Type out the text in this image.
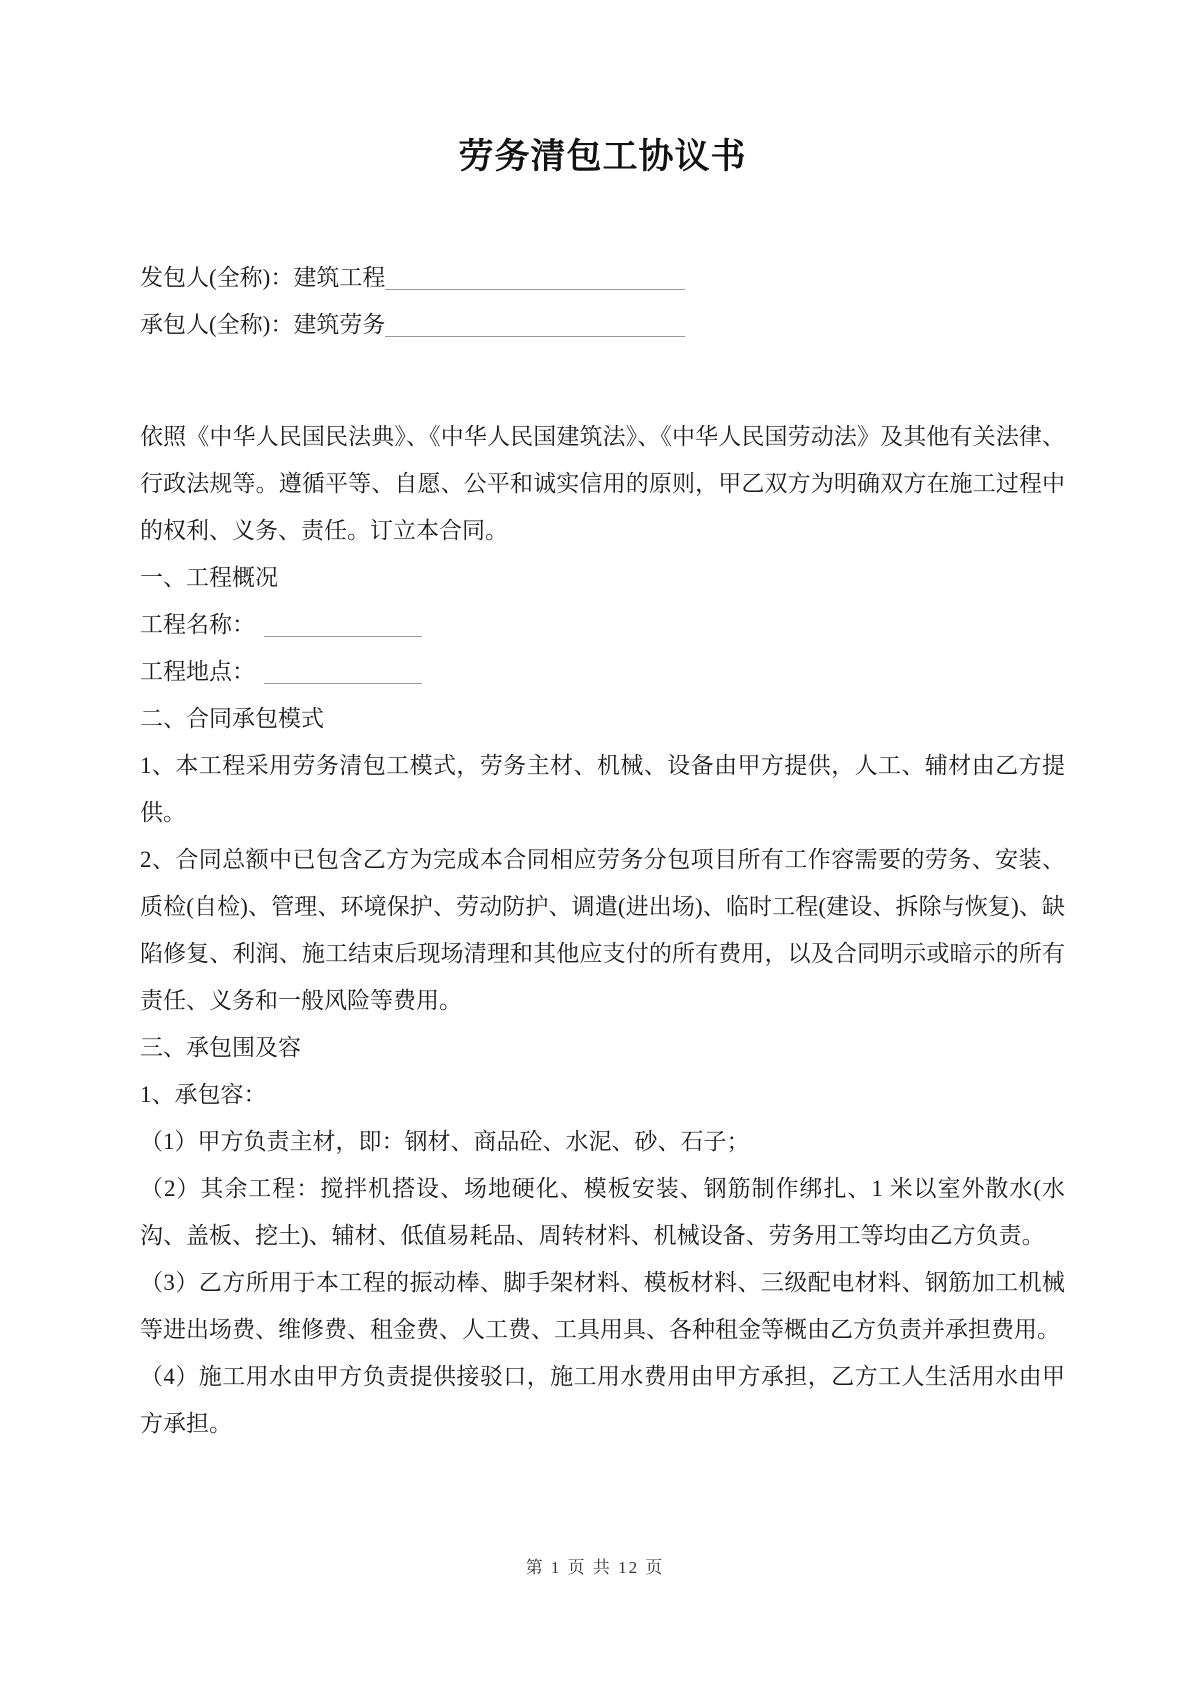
劳务清包工协议书
发包人(全称)：建筑工程
承包人(全称)：建筑劳务

依照《中华人民国民法典》、《中华人民国建筑法》、《中华人民国劳动法》及其他有关法律、行政法规等。遵循平等、自愿、公平和诚实信用的原则，甲乙双方为明确双方在施工过程中的权利、义务、责任。订立本合同。

一、工程概况

工程名称：

工程地点：

二、合同承包模式

1、本工程采用劳务清包工模式，劳务主材、机械、设备由甲方提供，人工、辅材由乙方提供。

2、合同总额中已包含乙方为完成本合同相应劳务分包项目所有工作容需要的劳务、安装、质检(自检)、管理、环境保护、劳动防护、调遣(进出场)、临时工程(建设、拆除与恢复)、缺陷修复、利润、施工结束后现场清理和其他应支付的所有费用，以及合同明示或暗示的所有责任、义务和一般风险等费用。

三、承包围及容

1、承包容：

（1）甲方负责主材，即：钢材、商品砼、水泥、砂、石子；

（2）其余工程：搅拌机搭设、场地硬化、模板安装、钢筋制作绑扎、1 米以室外散水(水沟、盖板、挖土)、辅材、低值易耗品、周转材料、机械设备、劳务用工等均由乙方负责。

（3）乙方所用于本工程的振动棒、脚手架材料、模板材料、三级配电材料、钢筋加工机械等进出场费、维修费、租金费、人工费、工具用具、各种租金等概由乙方负责并承担费用。

（4）施工用水由甲方负责提供接驳口，施工用水费用由甲方承担，乙方工人生活用水由甲方承担。

第 1 页 共 12 页
